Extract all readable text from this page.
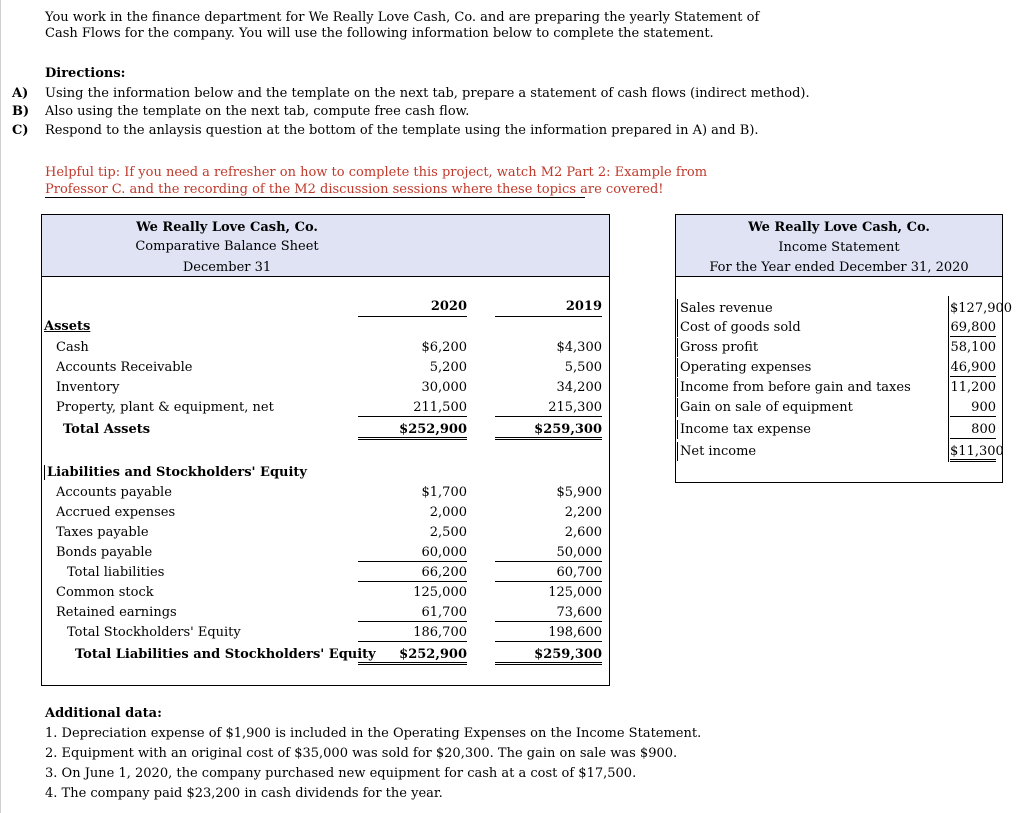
You work in the finance department for We Really Love Cash, Co. and are preparing the yearly Statement of
Cash Flows for the company. You will use the following information below to complete the statement.
Directions:
A) Using the information below and the template on the next tab, prepare a statement of cash flows (indirect method).
B) Also using the template on the next tab, compute free cash flow.
C) Respond to the anlaysis question at the bottom of the template using the information prepared in A) and B).
Helpful tip: If you need a refresher on how to complete this project, watch M2 Part 2: Example from
Professor C. and the recording of the M2 discussion sessions where these topics are covered!
We Really Love Cash, Co.
Comparative Balance Sheet
December 31
2020	2019
Assets
Cash	$6,200	$4,300
Accounts Receivable	5,200	5,500
Inventory	30,000	34,200
Property, plant & equipment, net	211,500	215,300
Total Assets	$252,900	$259,300
Liabilities and Stockholders' Equity
Accounts payable	$1,700	$5,900
Accrued expenses	2,000	2,200
Taxes payable	2,500	2,600
Bonds payable	60,000	50,000
Total liabilities	66,200	60,700
Common stock	125,000	125,000
Retained earnings	61,700	73,600
Total Stockholders' Equity	186,700	198,600
Total Liabilities and Stockholders' Equity	$252,900	$259,300
We Really Love Cash, Co.
Income Statement
For the Year ended December 31, 2020
Sales revenue	$127,900
Cost of goods sold	69,800
Gross profit	58,100
Operating expenses	46,900
Income from before gain and taxes	11,200
Gain on sale of equipment	900
Income tax expense	800
Net income	$11,300
Additional data:
1. Depreciation expense of $1,900 is included in the Operating Expenses on the Income Statement.
2. Equipment with an original cost of $35,000 was sold for $20,300. The gain on sale was $900.
3. On June 1, 2020, the company purchased new equipment for cash at a cost of $17,500.
4. The company paid $23,200 in cash dividends for the year.
